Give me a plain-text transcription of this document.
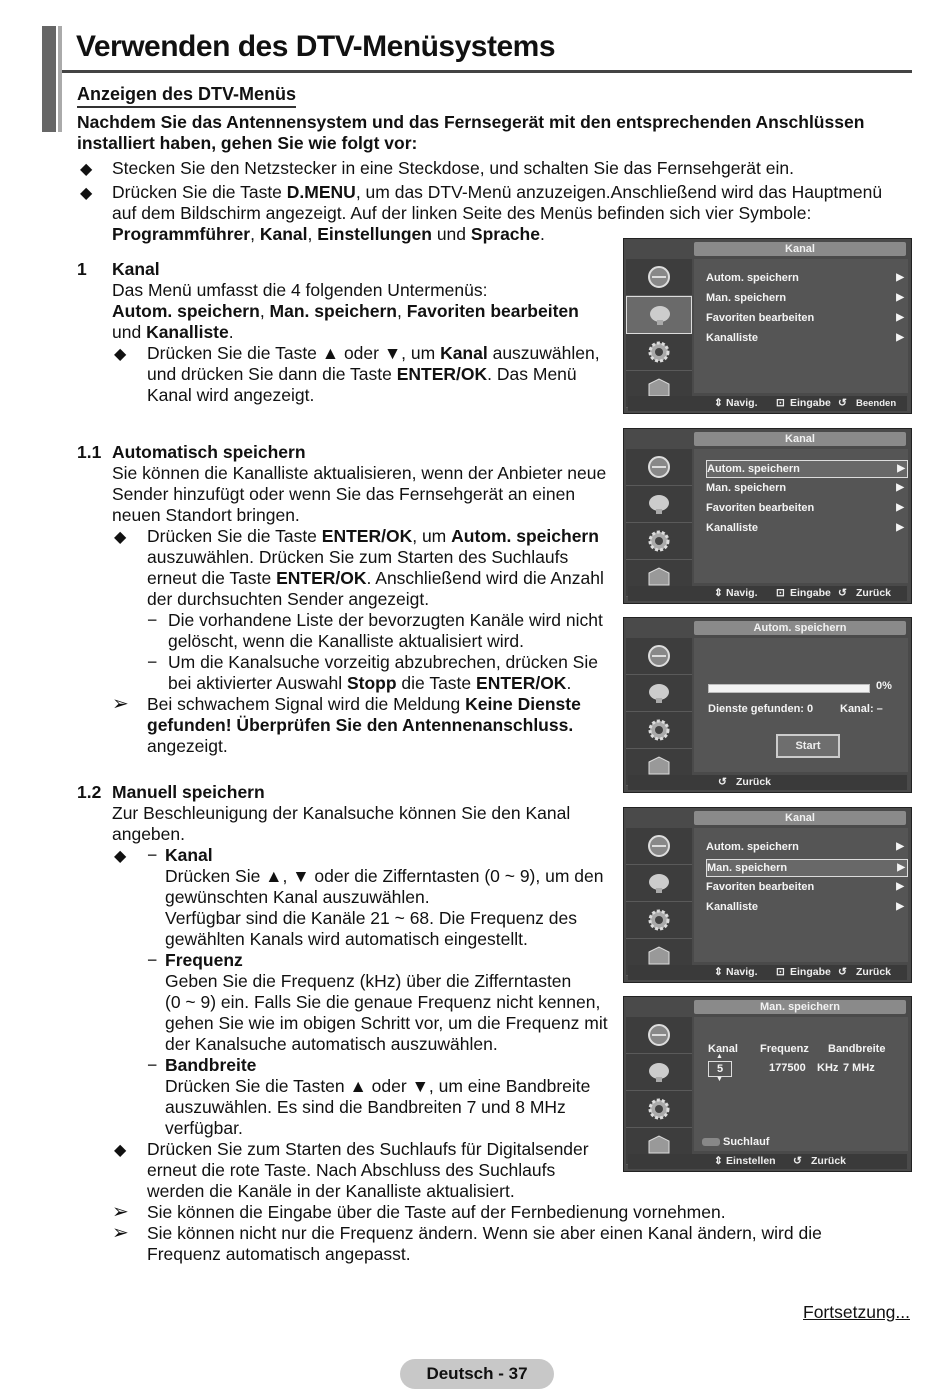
Verwenden des DTV-Menüsystems
Anzeigen des DTV-Menüs
Nachdem Sie das Antennensystem und das Fernsegerät mit den entsprechenden Anschlüssen
installiert haben, gehen Sie wie folgt vor:
◆ Stecken Sie den Netzstecker in eine Steckdose, und schalten Sie das Fernsehgerät ein.
◆ Drücken Sie die Taste D.MENU, um das DTV-Menü anzuzeigen.Anschließend wird das Hauptmenü
auf dem Bildschirm angezeigt. Auf der linken Seite des Menüs befinden sich vier Symbole:
Programmführer, Kanal, Einstellungen und Sprache.
1 Kanal
Das Menü umfasst die 4 folgenden Untermenüs:
Autom. speichern, Man. speichern, Favoriten bearbeiten
und Kanalliste.
◆ Drücken Sie die Taste ▲ oder ▼, um Kanal auszuwählen,
und drücken Sie dann die Taste ENTER/OK. Das Menü
Kanal wird angezeigt.
1.1 Automatisch speichern
Sie können die Kanalliste aktualisieren, wenn der Anbieter neue
Sender hinzufügt oder wenn Sie das Fernsehgerät an einen
neuen Standort bringen.
◆ Drücken Sie die Taste ENTER/OK, um Autom. speichern
auszuwählen. Drücken Sie zum Starten des Suchlaufs
erneut die Taste ENTER/OK. Anschließend wird die Anzahl
der durchsuchten Sender angezeigt.
− Die vorhandene Liste der bevorzugten Kanäle wird nicht
gelöscht, wenn die Kanalliste aktualisiert wird.
− Um die Kanalsuche vorzeitig abzubrechen, drücken Sie
bei aktivierter Auswahl Stopp die Taste ENTER/OK.
➢ Bei schwachem Signal wird die Meldung Keine Dienste
gefunden! Überprüfen Sie den Antennenanschluss.
angezeigt.
1.2 Manuell speichern
Zur Beschleunigung der Kanalsuche können Sie den Kanal
angeben.
◆ − Kanal
Drücken Sie ▲, ▼ oder die Zifferntasten (0 ~ 9), um den
gewünschten Kanal auszuwählen.
Verfügbar sind die Kanäle 21 ~ 68. Die Frequenz des
gewählten Kanals wird automatisch eingestellt.
− Frequenz
Geben Sie die Frequenz (kHz) über die Zifferntasten
(0 ~ 9) ein. Falls Sie die genaue Frequenz nicht kennen,
gehen Sie wie im obigen Schritt vor, um die Frequenz mit
der Kanalsuche automatisch auszuwählen.
− Bandbreite
Drücken Sie die Tasten ▲ oder ▼, um eine Bandbreite
auszuwählen. Es sind die Bandbreiten 7 und 8 MHz
verfügbar.
◆ Drücken Sie zum Starten des Suchlaufs für Digitalsender
erneut die rote Taste. Nach Abschluss des Suchlaufs
werden die Kanäle in der Kanalliste aktualisiert.
➢ Sie können die Eingabe über die Taste auf der Fernbedienung vornehmen.
➢ Sie können nicht nur die Frequenz ändern. Wenn sie aber einen Kanal ändern, wird die
Frequenz automatisch angepasst.
Kanal
Autom. speichern	▶
Man. speichern	▶
Favoriten bearbeiten	▶
Kanalliste	▶
⇕ Navig. ⊡ Eingabe ↺ Beenden
Kanal
Autom. speichern	▶
Man. speichern	▶
Favoriten bearbeiten	▶
Kanalliste	▶
⇕ Navig. ⊡ Eingabe ↺ Zurück
Autom. speichern
0%
Dienste gefunden: 0 Kanal: –
Start
↺ Zurück
Kanal
Autom. speichern	▶
Man. speichern	▶
Favoriten bearbeiten	▶
Kanalliste	▶
⇕ Navig. ⊡ Eingabe ↺ Zurück
Man. speichern
Kanal Frequenz Bandbreite
▲
5
▼
177500 KHz 7 MHz
Suchlauf
⇕ Einstellen ↺ Zurück
Fortsetzung...
Deutsch - 37
